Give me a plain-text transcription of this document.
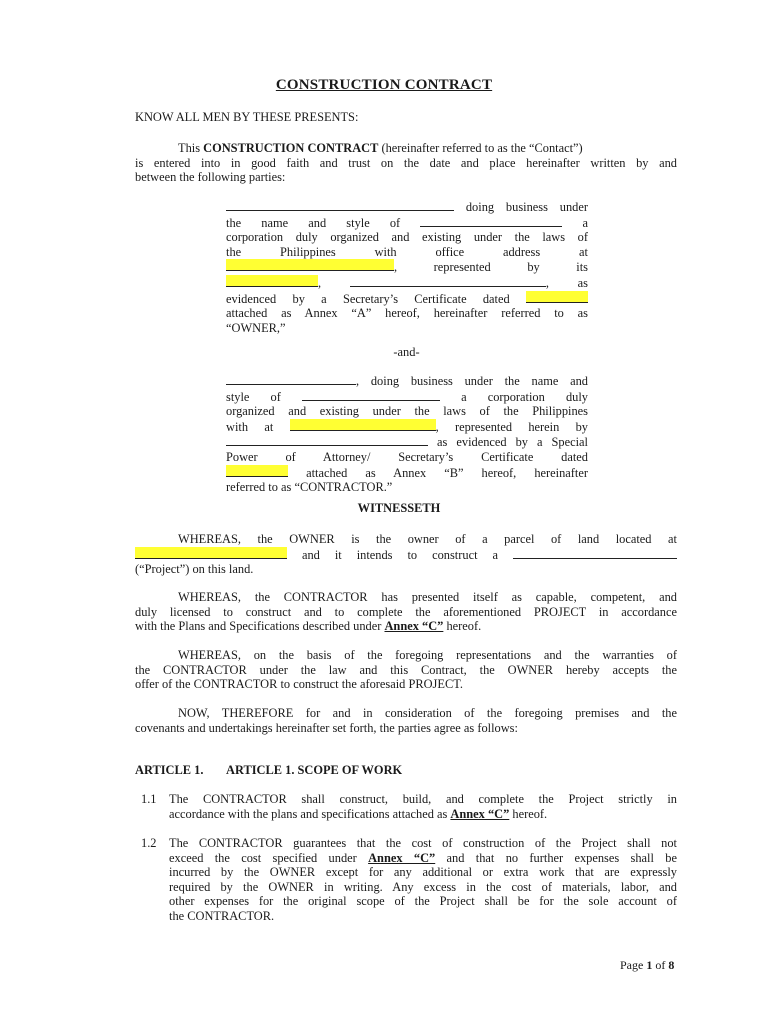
CONSTRUCTION CONTRACT
KNOW ALL MEN BY THESE PRESENTS:
This CONSTRUCTION CONTRACT (hereinafter referred to as the “Contact”)
is entered into in good faith and trust on the date and place hereinafter written by and
between the following parties:
doing business under
the name and style of	a
corporation duly organized and existing under the laws of
the	Philippines	with	office	address	at
,	represented	by	its
,	, as
evidenced by a Secretary’s Certificate dated
attached as Annex “A” hereof, hereinafter referred to as
“OWNER,”
-and-
, doing business under the name and
style of	a corporation duly
organized and existing under the laws of the Philippines
with at	, represented herein by
as evidenced by a Special
Power of Attorney/ Secretary’s Certificate dated
attached as Annex “B” hereof, hereinafter
referred to as “CONTRACTOR.”
WITNESSETH
WHEREAS, the OWNER is the owner of a parcel of land located at
and it intends to construct a
(“Project”) on this land.
WHEREAS, the CONTRACTOR has presented itself as capable, competent, and
duly licensed to construct and to complete the aforementioned PROJECT in accordance
with the Plans and Specifications described under Annex “C” hereof.
WHEREAS, on the basis of the foregoing representations and the warranties of
the CONTRACTOR under the law and this Contract, the OWNER hereby accepts the
offer of the CONTRACTOR to construct the aforesaid PROJECT.
NOW, THEREFORE for and in consideration of the foregoing premises and the
covenants and undertakings hereinafter set forth, the parties agree as follows:
ARTICLE 1. ARTICLE 1. SCOPE OF WORK
1.1 The CONTRACTOR shall construct, build, and complete the Project strictly in
accordance with the plans and specifications attached as Annex “C” hereof.
1.2 The CONTRACTOR guarantees that the cost of construction of the Project shall not
exceed the cost specified under Annex “C” and that no further expenses shall be
incurred by the OWNER except for any additional or extra work that are expressly
required by the OWNER in writing. Any excess in the cost of materials, labor, and
other expenses for the original scope of the Project shall be for the sole account of
the CONTRACTOR.
Page 1 of 8
